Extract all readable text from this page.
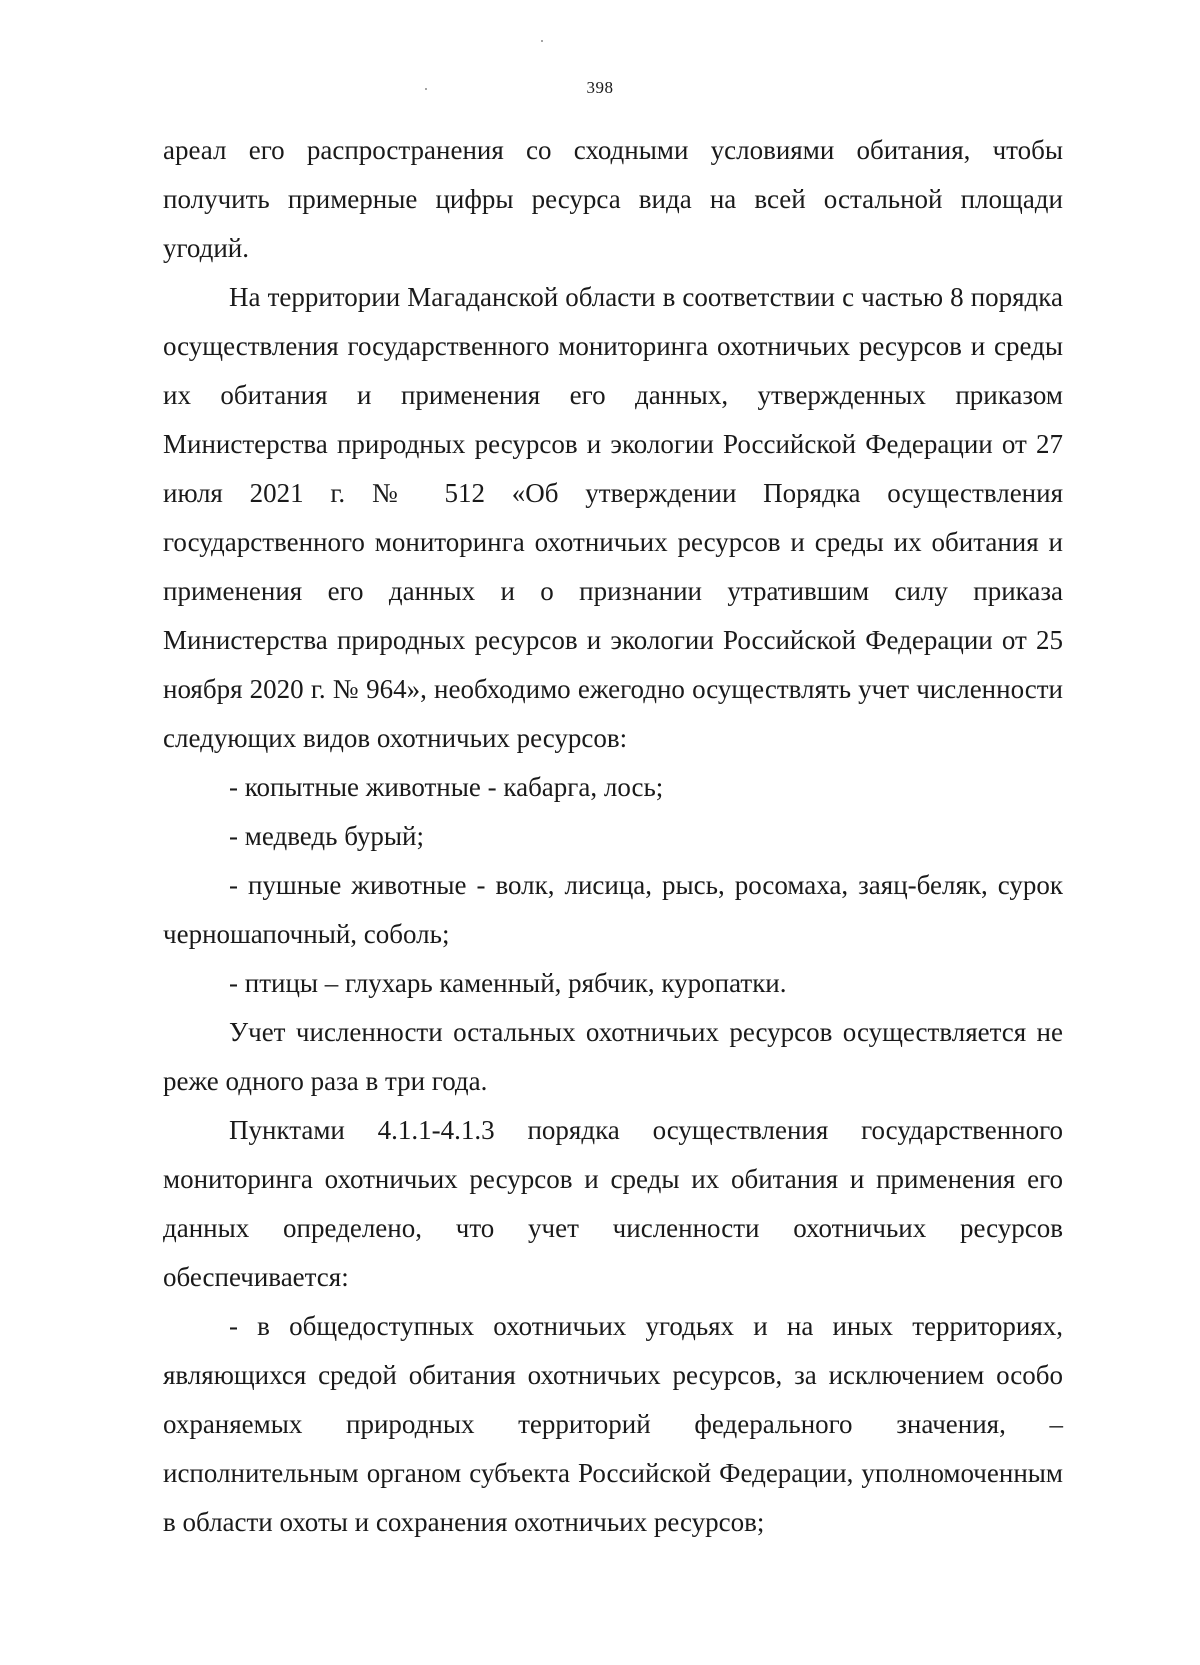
398

ареал его распространения со сходными условиями обитания, чтобы получить примерные цифры ресурса вида на всей остальной площади угодий.

На территории Магаданской области в соответствии с частью 8 порядка осуществления государственного мониторинга охотничьих ресурсов и среды их обитания и применения его данных, утвержденных приказом Министерства природных ресурсов и экологии Российской Федерации от 27 июля 2021 г. № 512 «Об утверждении Порядка осуществления государственного мониторинга охотничьих ресурсов и среды их обитания и применения его данных и о признании утратившим силу приказа Министерства природных ресурсов и экологии Российской Федерации от 25 ноября 2020 г. № 964», необходимо ежегодно осуществлять учет численности следующих видов охотничьих ресурсов:

- копытные животные - кабарга, лось;

- медведь бурый;

- пушные животные - волк, лисица, рысь, росомаха, заяц-беляк, сурок черношапочный, соболь;

- птицы – глухарь каменный, рябчик, куропатки.

Учет численности остальных охотничьих ресурсов осуществляется не реже одного раза в три года.

Пунктами 4.1.1-4.1.3 порядка осуществления государственного мониторинга охотничьих ресурсов и среды их обитания и применения его данных определено, что учет численности охотничьих ресурсов обеспечивается:

- в общедоступных охотничьих угодьях и на иных территориях, являющихся средой обитания охотничьих ресурсов, за исключением особо охраняемых природных территорий федерального значения, – исполнительным органом субъекта Российской Федерации, уполномоченным в области охоты и сохранения охотничьих ресурсов;
